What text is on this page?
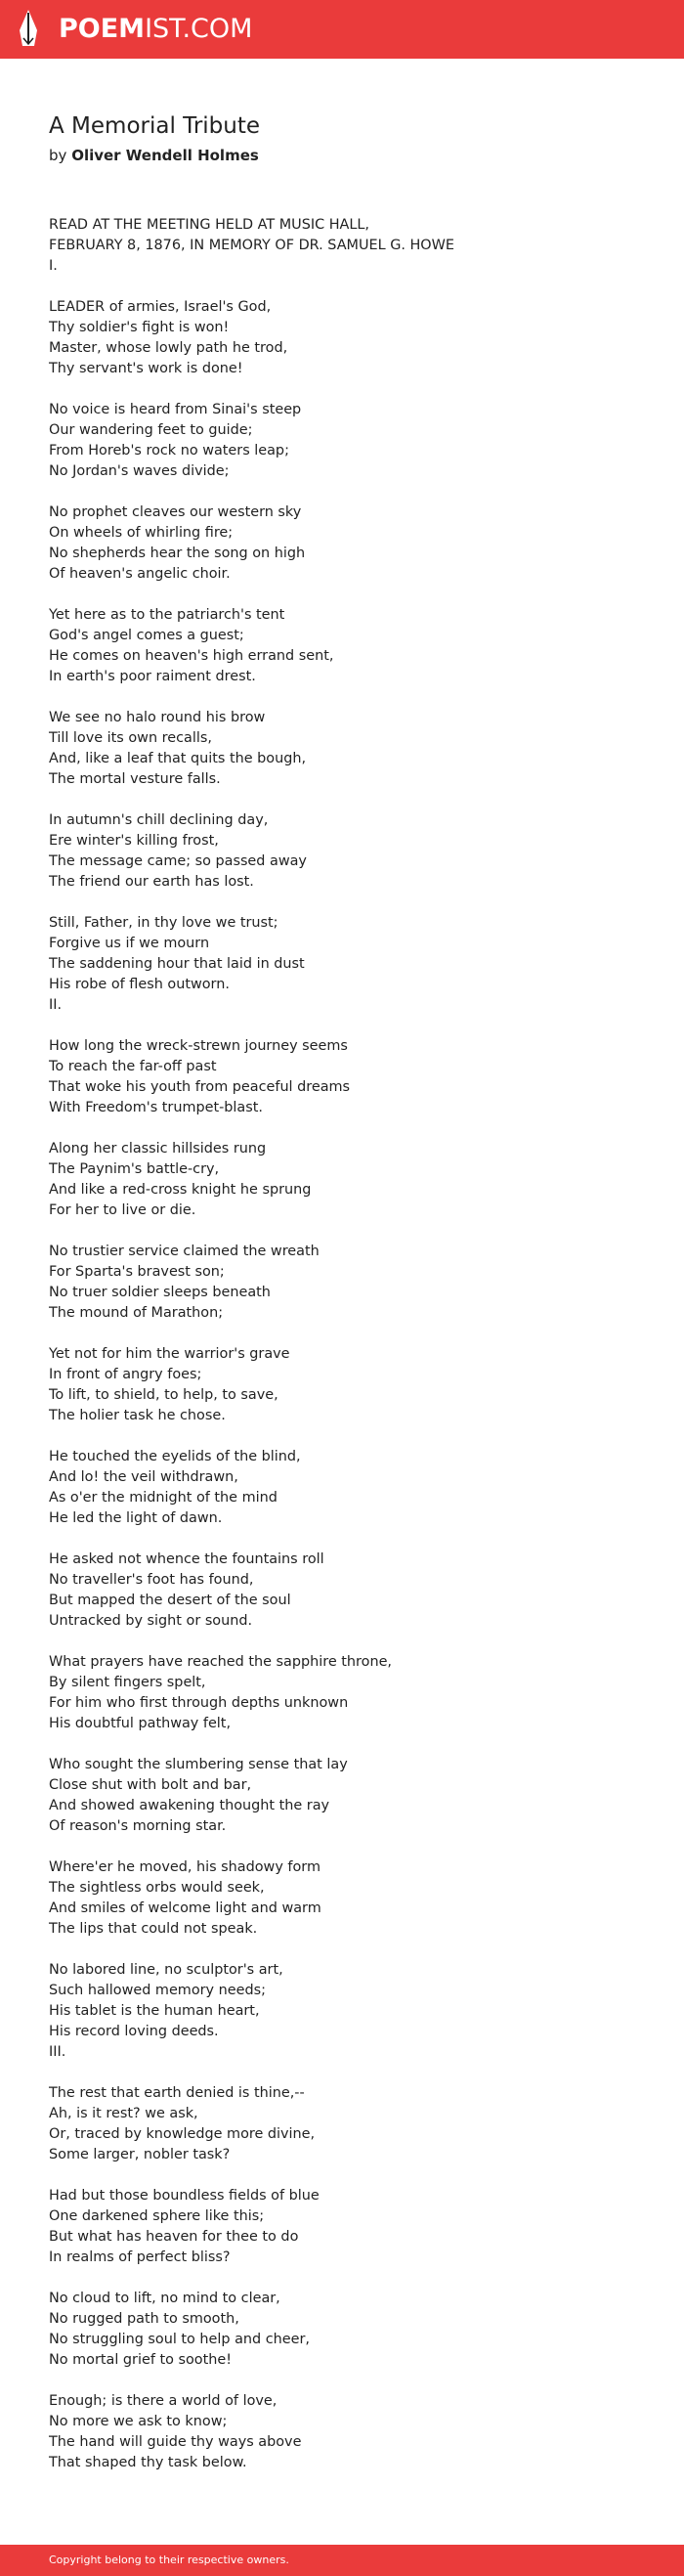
POEMIST.COM
A Memorial Tribute
by Oliver Wendell Holmes
READ AT THE MEETING HELD AT MUSIC HALL,
FEBRUARY 8, 1876, IN MEMORY OF DR. SAMUEL G. HOWE
I.
LEADER of armies, Israel's God,
Thy soldier's fight is won!
Master, whose lowly path he trod,
Thy servant's work is done!
No voice is heard from Sinai's steep
Our wandering feet to guide;
From Horeb's rock no waters leap;
No Jordan's waves divide;
No prophet cleaves our western sky
On wheels of whirling fire;
No shepherds hear the song on high
Of heaven's angelic choir.
Yet here as to the patriarch's tent
God's angel comes a guest;
He comes on heaven's high errand sent,
In earth's poor raiment drest.
We see no halo round his brow
Till love its own recalls,
And, like a leaf that quits the bough,
The mortal vesture falls.
In autumn's chill declining day,
Ere winter's killing frost,
The message came; so passed away
The friend our earth has lost.
Still, Father, in thy love we trust;
Forgive us if we mourn
The saddening hour that laid in dust
His robe of flesh outworn.
II.
How long the wreck-strewn journey seems
To reach the far-off past
That woke his youth from peaceful dreams
With Freedom's trumpet-blast.
Along her classic hillsides rung
The Paynim's battle-cry,
And like a red-cross knight he sprung
For her to live or die.
No trustier service claimed the wreath
For Sparta's bravest son;
No truer soldier sleeps beneath
The mound of Marathon;
Yet not for him the warrior's grave
In front of angry foes;
To lift, to shield, to help, to save,
The holier task he chose.
He touched the eyelids of the blind,
And lo! the veil withdrawn,
As o'er the midnight of the mind
He led the light of dawn.
He asked not whence the fountains roll
No traveller's foot has found,
But mapped the desert of the soul
Untracked by sight or sound.
What prayers have reached the sapphire throne,
By silent fingers spelt,
For him who first through depths unknown
His doubtful pathway felt,
Who sought the slumbering sense that lay
Close shut with bolt and bar,
And showed awakening thought the ray
Of reason's morning star.
Where'er he moved, his shadowy form
The sightless orbs would seek,
And smiles of welcome light and warm
The lips that could not speak.
No labored line, no sculptor's art,
Such hallowed memory needs;
His tablet is the human heart,
His record loving deeds.
III.
The rest that earth denied is thine,--
Ah, is it rest? we ask,
Or, traced by knowledge more divine,
Some larger, nobler task?
Had but those boundless fields of blue
One darkened sphere like this;
But what has heaven for thee to do
In realms of perfect bliss?
No cloud to lift, no mind to clear,
No rugged path to smooth,
No struggling soul to help and cheer,
No mortal grief to soothe!
Enough; is there a world of love,
No more we ask to know;
The hand will guide thy ways above
That shaped thy task below.
Copyright belong to their respective owners.
